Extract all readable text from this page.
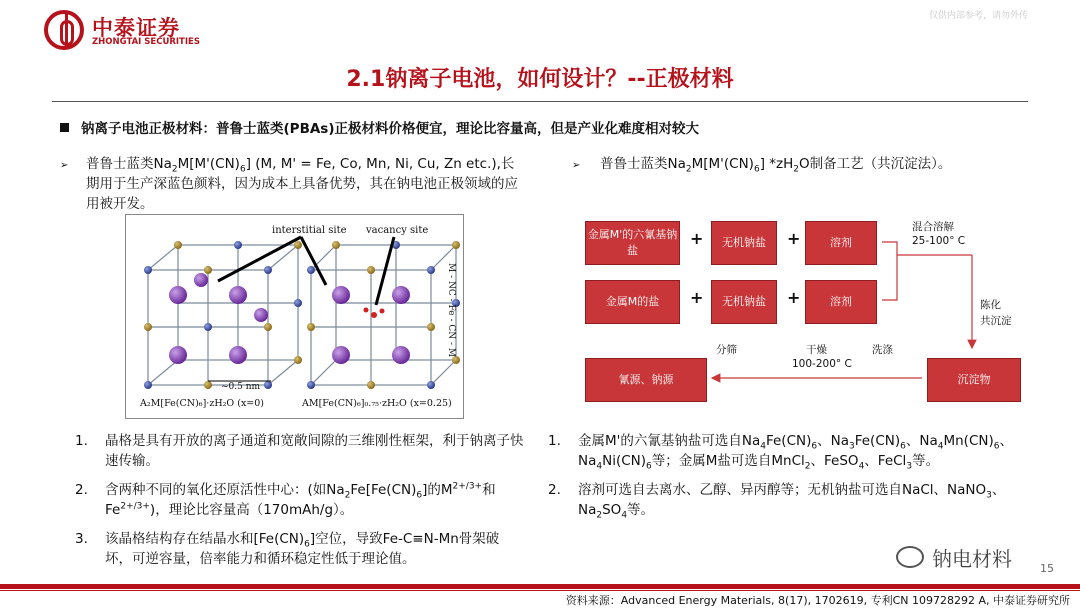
中泰证券
ZHONGTAI SECURITIES
仅供内部参考，请勿外传
2.1钠离子电池，如何设计？--正极材料
钠离子电池正极材料：普鲁士蓝类(PBAs)正极材料价格便宜，理论比容量高，但是产业化难度相对较大
➢ 普鲁士蓝类$Na_2M[M'(CN)_6]$ (M, M' = Fe, Co, Mn, Ni, Cu, Zn etc.),长期用于生产深蓝色颜料，因为成本上具备优势，其在钠电池正极领域的应用被开发。
interstitial site vacancy site
~0.5 nm
A₂M[Fe(CN)₆]·zH₂O (x=0)	AM[Fe(CN)₆]₀.₇₅·zH₂O (x=0.25)
M - NC - Fe - CN - M
1. 晶格是具有开放的离子通道和宽敞间隙的三维刚性框架，利于钠离子快速传输。
2. 含两种不同的氧化还原活性中心：(如$Na_2Fe[Fe(CN)_6]$的$M^{2+/3+}$和$Fe^{2+/3+}$)，理论比容量高（170mAh/g）。
3. 该晶格结构存在结晶水和$[Fe(CN)_6]$空位，导致Fe-C≡N-Mn骨架破坏，可逆容量，倍率能力和循环稳定性低于理论值。
➢ 普鲁士蓝类$Na_2M[M'(CN)_6]$ $*zH_2O$制备工艺（共沉淀法）。
金属M'的六氰基钠盐
+	无机钠盐	+	溶剂
金属M的盐	+	无机钠盐	+	溶剂
沉淀物
氰源、钠源
混合溶解
25-100° C
陈化
共沉淀
洗涤
干燥
100-200° C
分筛
1. 金属M'的六氰基钠盐可选自$Na_4Fe(CN)_6$、$Na_3Fe(CN)_6$、$Na_4Mn(CN)_6$、$Na_4Ni(CN)_6$等；金属M盐可选自MnCl$_2$、FeSO$_4$、FeCl$_3$等。
2. 溶剂可选自去离水、乙醇、异丙醇等；无机钠盐可选自NaCl、NaNO$_3$、$Na_2SO_4$等。
钠电材料	15
资料来源：Advanced Energy Materials, 8(17), 1702619, 专利CN 109728292 A, 中泰证券研究所
